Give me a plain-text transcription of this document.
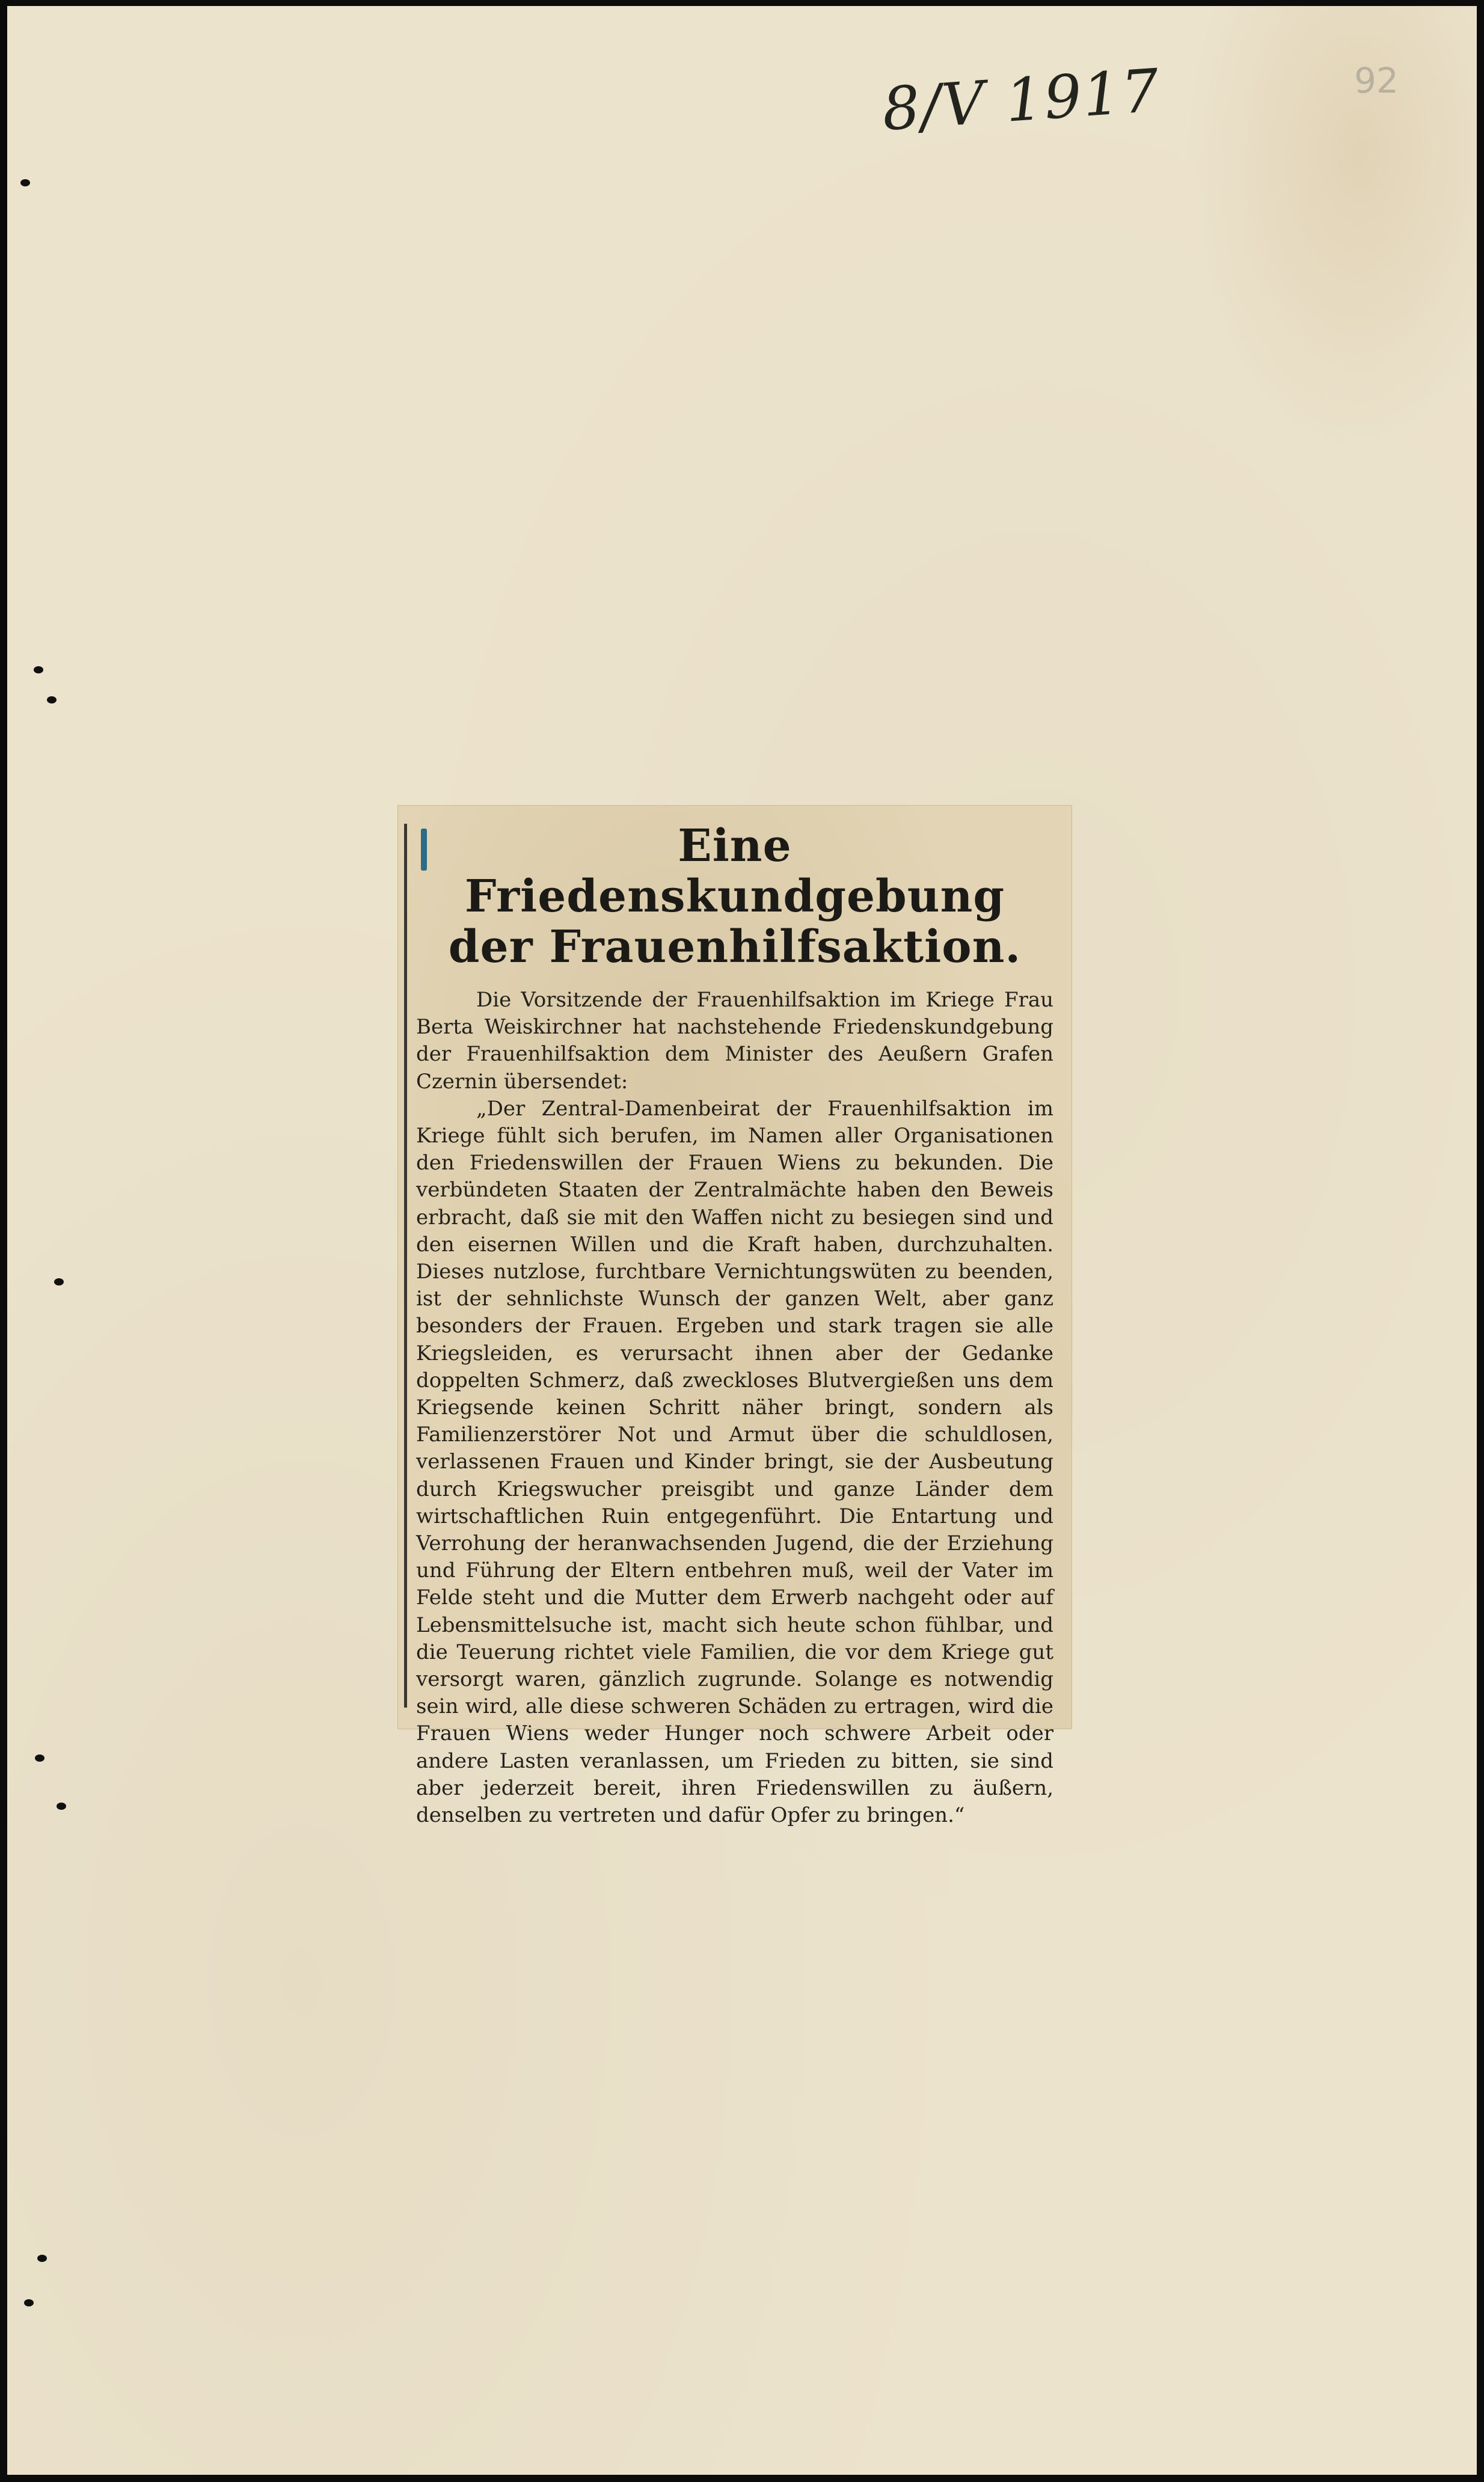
8/V 1917	92
Eine Friedenskundgebung der Frauenhilfsaktion.

Die Vorsitzende der Frauenhilfsaktion im Kriege Frau Berta Weiskirchner hat nachstehende Friedenskundgebung der Frauenhilfsaktion dem Minister des Aeußern Grafen Czernin übersendet:

„Der Zentral-Damenbeirat der Frauenhilfsaktion im Kriege fühlt sich berufen, im Namen aller Organisationen den Friedenswillen der Frauen Wiens zu bekunden. Die verbündeten Staaten der Zentralmächte haben den Beweis erbracht, daß sie mit den Waffen nicht zu besiegen sind und den eisernen Willen und die Kraft haben, durchzuhalten. Dieses nutzlose, furchtbare Vernichtungswüten zu beenden, ist der sehnlichste Wunsch der ganzen Welt, aber ganz besonders der Frauen. Ergeben und stark tragen sie alle Kriegsleiden, es verursacht ihnen aber der Gedanke doppelten Schmerz, daß zweckloses Blutvergießen uns dem Kriegsende keinen Schritt näher bringt, sondern als Familienzerstörer Not und Armut über die schuldlosen, verlassenen Frauen und Kinder bringt, sie der Ausbeutung durch Kriegswucher preisgibt und ganze Länder dem wirtschaftlichen Ruin entgegenführt. Die Entartung und Verrohung der heranwachsenden Jugend, die der Erziehung und Führung der Eltern entbehren muß, weil der Vater im Felde steht und die Mutter dem Erwerb nachgeht oder auf Lebensmittelsuche ist, macht sich heute schon fühlbar, und die Teuerung richtet viele Familien, die vor dem Kriege gut versorgt waren, gänzlich zugrunde. Solange es notwendig sein wird, alle diese schweren Schäden zu ertragen, wird die Frauen Wiens weder Hunger noch schwere Arbeit oder andere Lasten veranlassen, um Frieden zu bitten, sie sind aber jederzeit bereit, ihren Friedenswillen zu äußern, denselben zu vertreten und dafür Opfer zu bringen.“
